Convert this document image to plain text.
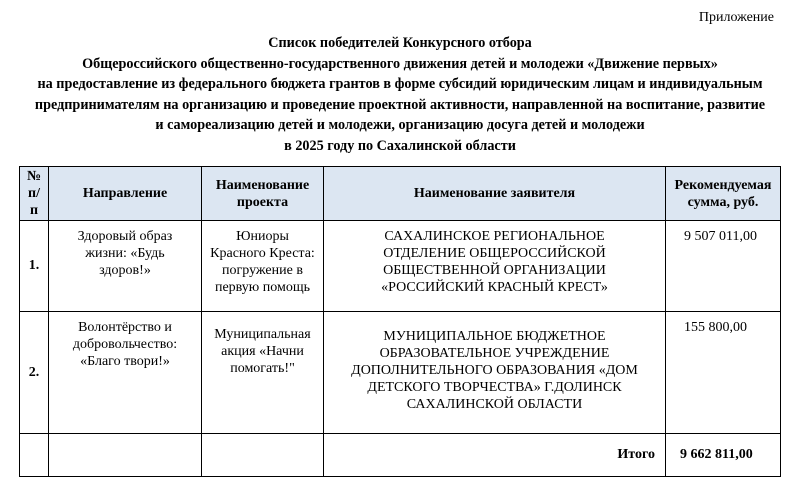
Приложение
Список победителей Конкурсного отбора
Общероссийского общественно-государственного движения детей и молодежи «Движение первых»
на предоставление из федерального бюджета грантов в форме субсидий юридическим лицам и индивидуальным
предпринимателям на организацию и проведение проектной активности, направленной на воспитание, развитие
и самореализацию детей и молодежи, организацию досуга детей и молодежи
в 2025 году по Сахалинской области
№ п/п	Направление	Наименование проекта	Наименование заявителя	Рекомендуемая сумма, руб.
1.	Здоровый образ жизни: «Будь здоров!»	Юниоры Красного Креста: погружение в первую помощь	САХАЛИНСКОЕ РЕГИОНАЛЬНОЕ ОТДЕЛЕНИЕ ОБЩЕРОССИЙСКОЙ ОБЩЕСТВЕННОЙ ОРГАНИЗАЦИИ «РОССИЙСКИЙ КРАСНЫЙ КРЕСТ»	9 507 011,00
2.	Волонтёрство и добровольчество: «Благо твори!»	Муниципальная акция «Начни помогать!"	МУНИЦИПАЛЬНОЕ БЮДЖЕТНОЕ ОБРАЗОВАТЕЛЬНОЕ УЧРЕЖДЕНИЕ ДОПОЛНИТЕЛЬНОГО ОБРАЗОВАНИЯ «ДОМ ДЕТСКОГО ТВОРЧЕСТВА» Г.ДОЛИНСК САХАЛИНСКОЙ ОБЛАСТИ	155 800,00
			Итого	9 662 811,00
